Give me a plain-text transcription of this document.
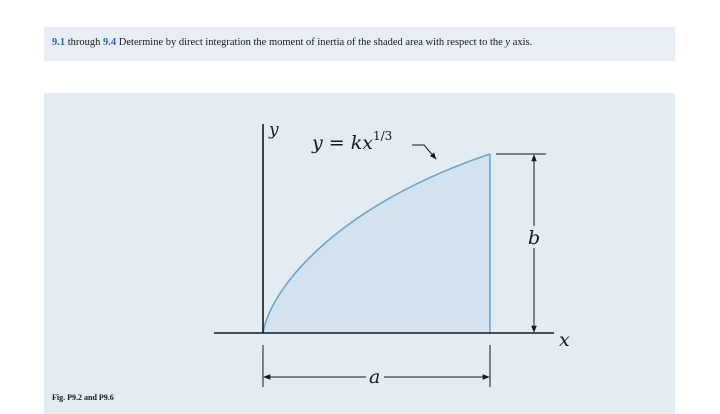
9.1 through 9.4 Determine by direct integration the moment of inertia of the shaded area with respect to the y axis.
y
$y = kx^{1/3}$
b
a
x
Fig. P9.2 and P9.6
